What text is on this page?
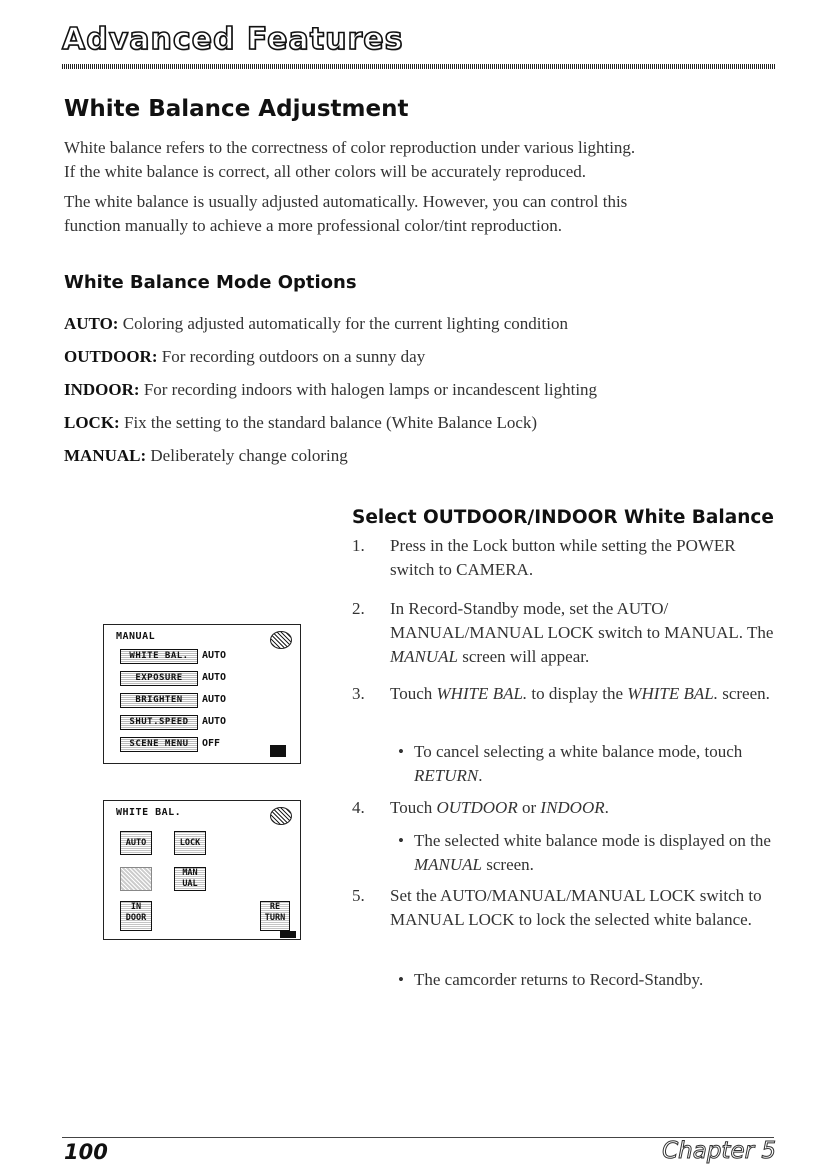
Advanced Features
White Balance Adjustment

White balance refers to the correctness of color reproduction under various lighting.

If the white balance is correct, all other colors will be accurately reproduced.

The white balance is usually adjusted automatically. However, you can control this

function manually to achieve a more professional color/tint reproduction.

White Balance Mode Options

AUTO: Coloring adjusted automatically for the current lighting condition

OUTDOOR: For recording outdoors on a sunny day

INDOOR: For recording indoors with halogen lamps or incandescent lighting

LOCK: Fix the setting to the standard balance (White Balance Lock)

MANUAL: Deliberately change coloring

Select OUTDOOR/INDOOR White Balance
1. Press in the Lock button while setting the POWER switch to CAMERA.
2. In Record-Standby mode, set the AUTO/ MANUAL/MANUAL LOCK switch to MANUAL. The MANUAL screen will appear.
3. Touch WHITE BAL. to display the WHITE BAL. screen.
• To cancel selecting a white balance mode, touch RETURN.
4. Touch OUTDOOR or INDOOR.
• The selected white balance mode is displayed on the MANUAL screen.
5. Set the AUTO/MANUAL/MANUAL LOCK switch to MANUAL LOCK to lock the selected white balance.
• The camcorder returns to Record-Standby.
MANUAL
WHITE BAL.	AUTO
EXPOSURE	AUTO
BRIGHTEN	AUTO
SHUT.SPEED	AUTO
SCENE MENU	OFF
WHITE BAL.
AUTO	LOCK
MAN
UAL
IN
DOOR
RE
TURN
100	Chapter 5
